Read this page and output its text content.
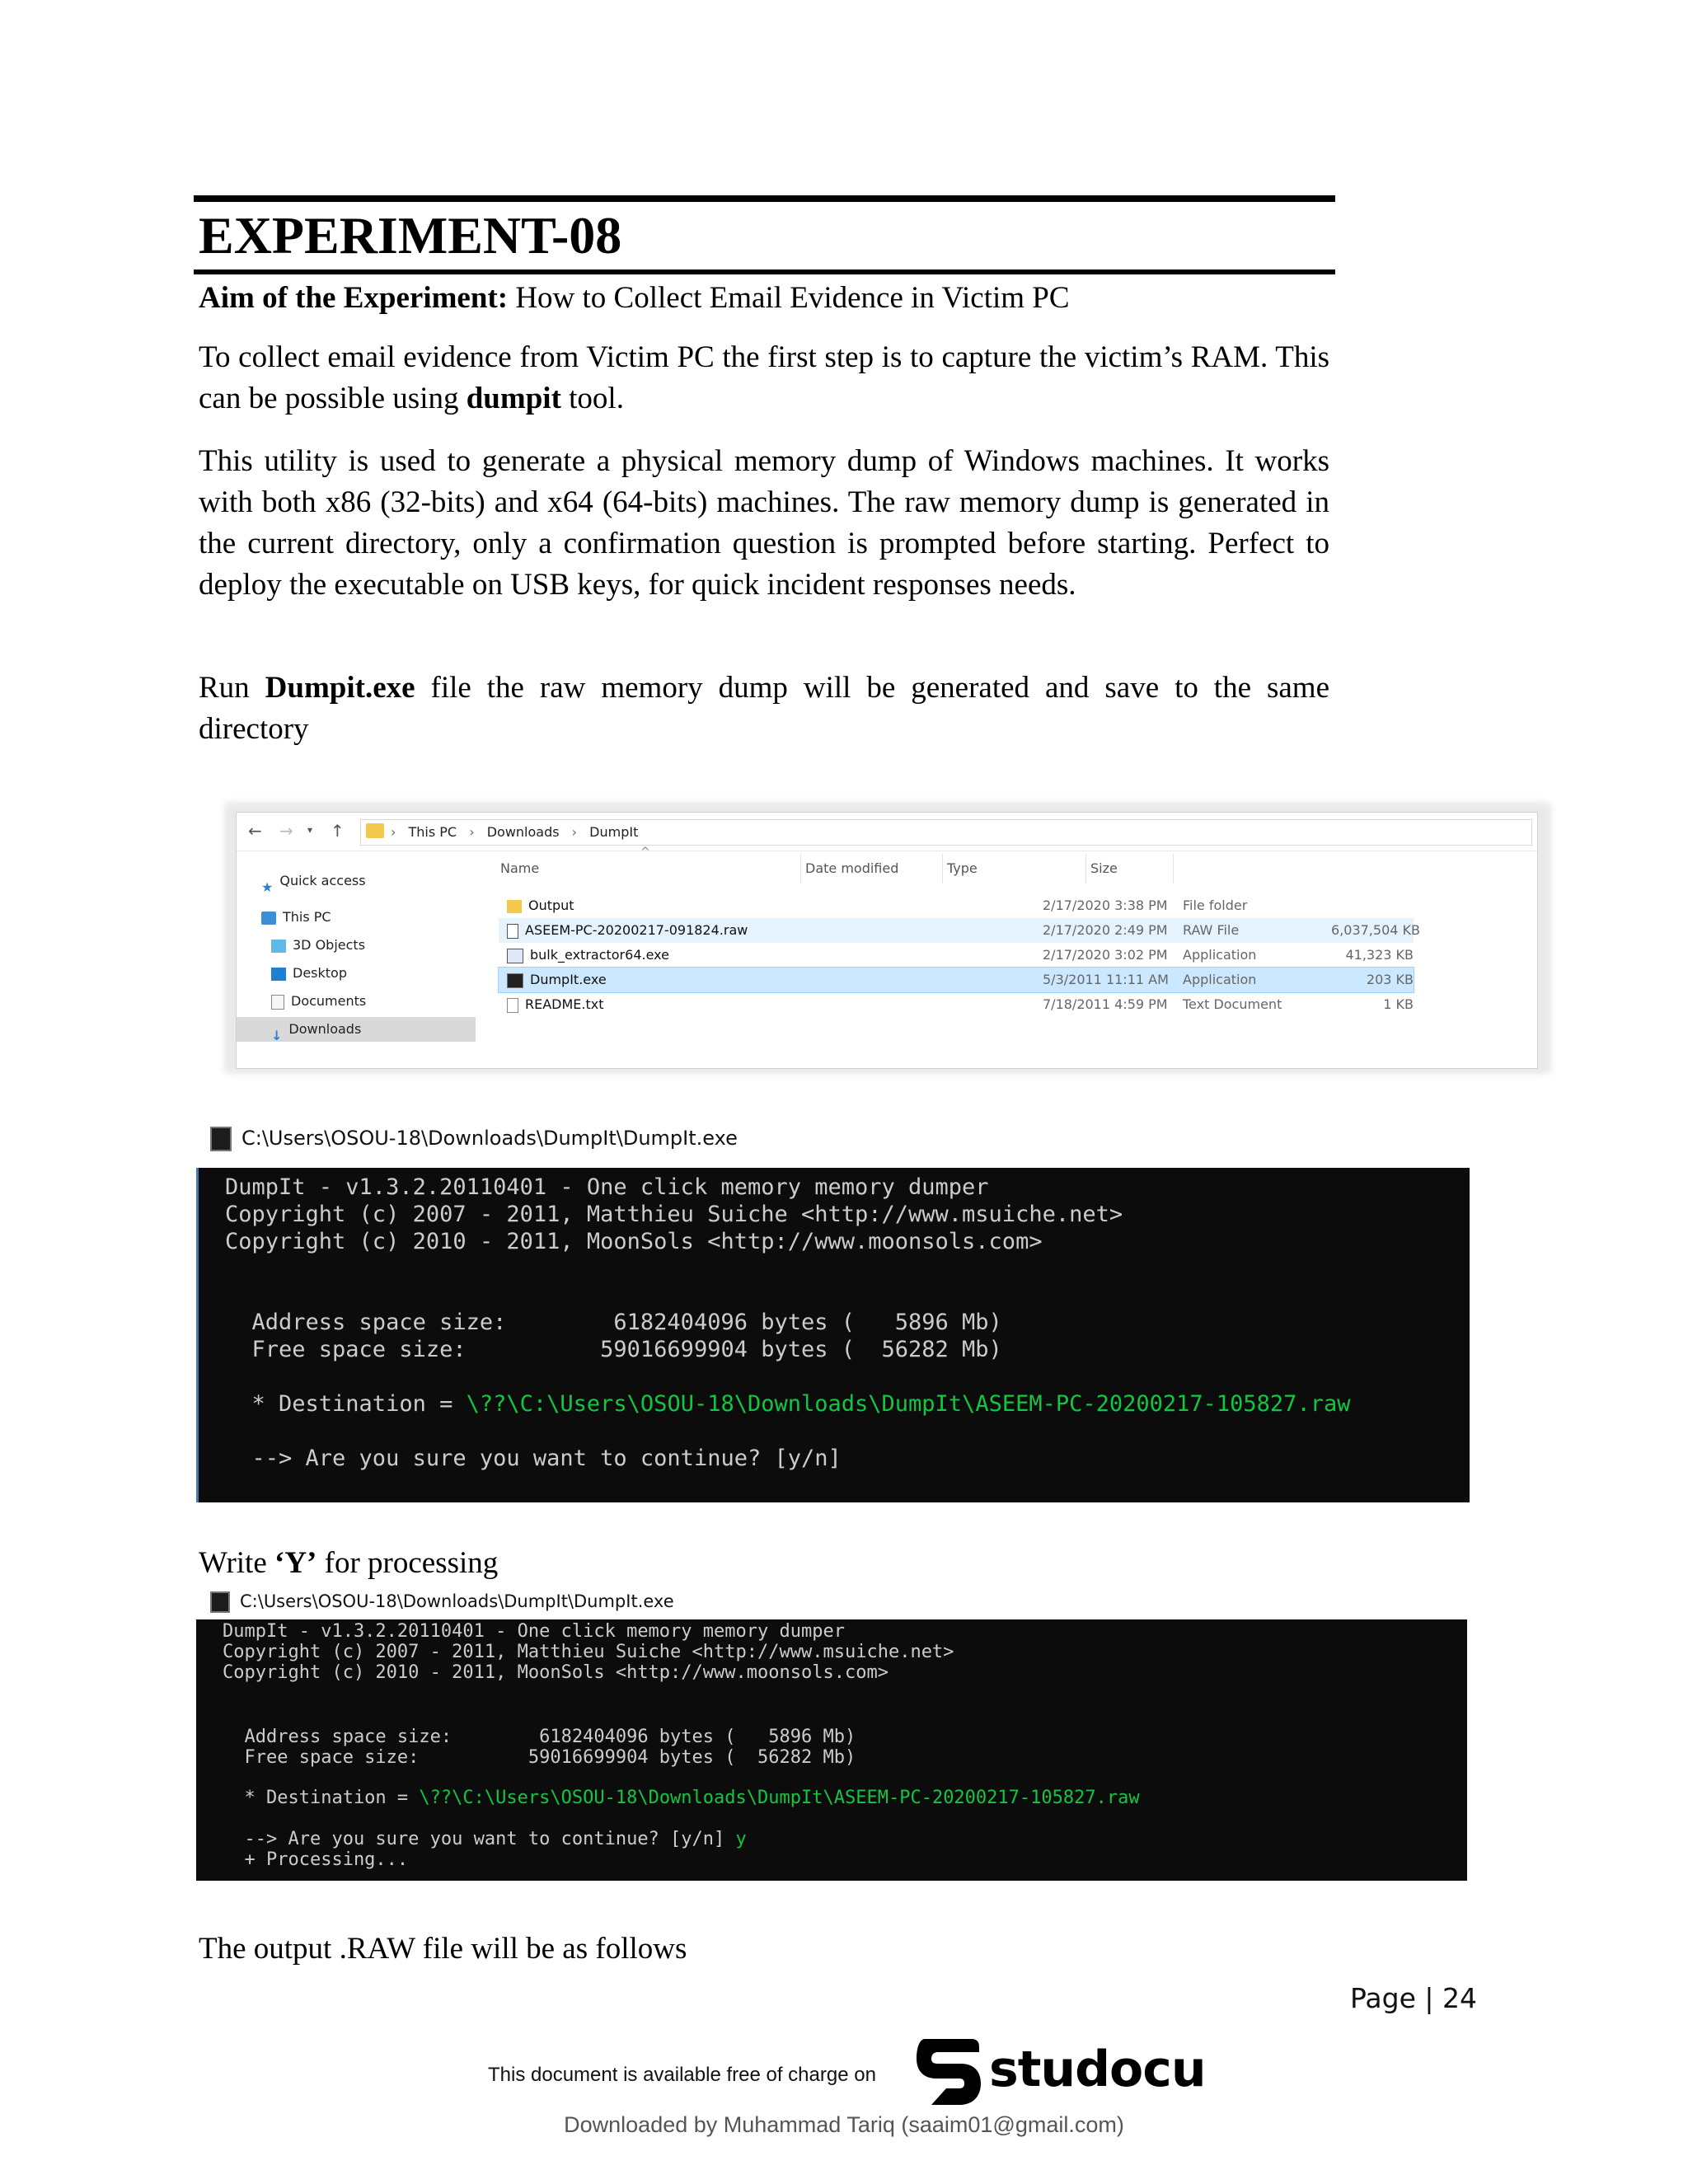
EXPERIMENT-08
Aim of the Experiment: How to Collect Email Evidence in Victim PC

To collect email evidence from Victim PC the first step is to capture the victim’s RAM. This can be possible using dumpit tool.

This utility is used to generate a physical memory dump of Windows machines. It works with both x86 (32-bits) and x64 (64-bits) machines. The raw memory dump is generated in the current directory, only a confirmation question is prompted before starting. Perfect to deploy the executable on USB keys, for quick incident responses needs.

Run Dumpit.exe file the raw memory dump will be generated and save to the same directory

← → ▾ ↑	› This PC › Downloads › DumpIt
★ Quick access
This PC
3D Objects
Desktop
Documents
↓ Downloads
^
Name	Date modified	Type	Size
Output	2/17/2020 3:38 PM File folder
ASEEM-PC-20200217-091824.raw	2/17/2020 2:49 PM RAW File	6,037,504 KB
bulk_extractor64.exe	2/17/2020 3:02 PM Application	41,323 KB
DumpIt.exe	5/3/2011 11:11 AM Application	203 KB
README.txt	7/18/2011 4:59 PM Text Document	1 KB
C:\Users\OSOU-18\Downloads\DumpIt\DumpIt.exe

DumpIt - v1.3.2.20110401 - One click memory memory dumper

Copyright (c) 2007 - 2011, Matthieu Suiche <http://www.msuiche.net>

Copyright (c) 2010 - 2011, MoonSols <http://www.moonsols.com>

Address space size:        6182404096 bytes (   5896 Mb)

Free space size:          59016699904 bytes (  56282 Mb)

* Destination = \??\C:\Users\OSOU-18\Downloads\DumpIt\ASEEM-PC-20200217-105827.raw

--> Are you sure you want to continue? [y/n]

Write ‘Y’ for processing

C:\Users\OSOU-18\Downloads\DumpIt\DumpIt.exe

DumpIt - v1.3.2.20110401 - One click memory memory dumper

Copyright (c) 2007 - 2011, Matthieu Suiche <http://www.msuiche.net>

Copyright (c) 2010 - 2011, MoonSols <http://www.moonsols.com>

Address space size:        6182404096 bytes (   5896 Mb)

Free space size:          59016699904 bytes (  56282 Mb)

* Destination = \??\C:\Users\OSOU-18\Downloads\DumpIt\ASEEM-PC-20200217-105827.raw

--> Are you sure you want to continue? [y/n] y

+ Processing...

The output .RAW file will be as follows

Page | 24
This document is available free of charge on studocu
Downloaded by Muhammad Tariq (saaim01@gmail.com)
